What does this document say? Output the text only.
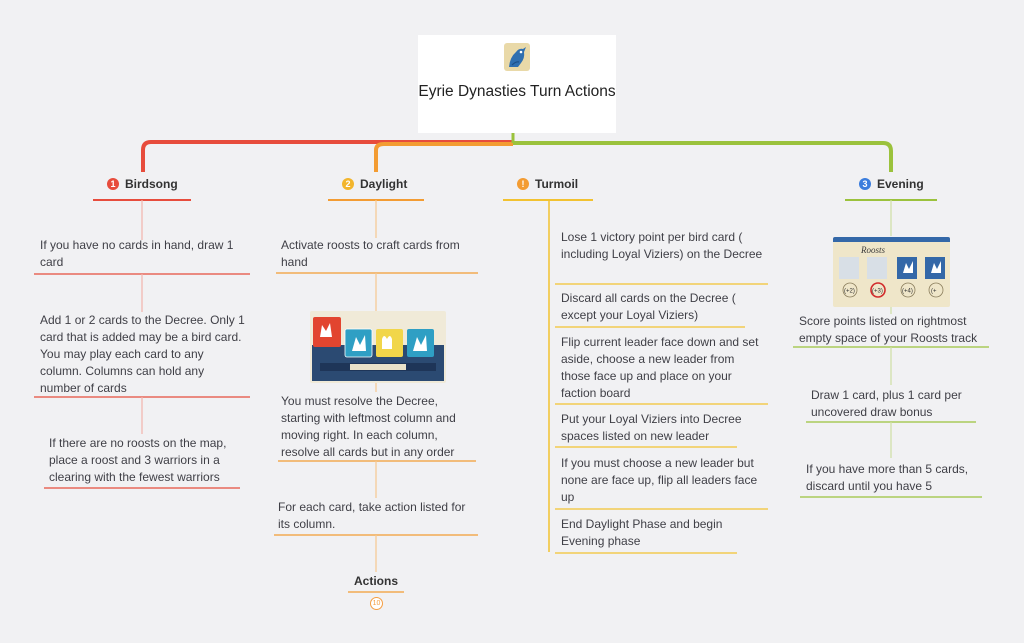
Eyrie Dynasties Turn Actions
1 Birdsong
If you have no cards in hand, draw 1 card
Add 1 or 2 cards to the Decree. Only 1 card that is added may be a bird card. You may play each card to any column. Columns can hold any number of cards
If there are no roosts on the map, place a roost and 3 warriors in a clearing with the fewest warriors
2 Daylight
Activate roosts to craft cards from hand
You must resolve the Decree, starting with leftmost column and moving right. In each column, resolve all cards but in any order
For each card, take action listed for its column.
Actions
10
! Turmoil
Lose 1 victory point per bird card ( including Loyal Viziers) on the Decree
Discard all cards on the Decree ( except your Loyal Viziers)
Flip current leader face down and set aside, choose a new leader from those face up and place on your faction board
Put your Loyal Viziers into Decree spaces listed on new leader
If you must choose a new leader but none are face up, flip all leaders face up
End Daylight Phase and begin Evening phase
3 Evening
Roosts
(+2)	(+3)	(+4)	(+
Score points listed on rightmost empty space of your Roosts track
Draw 1 card, plus 1 card per uncovered draw bonus
If you have more than 5 cards, discard until you have 5
